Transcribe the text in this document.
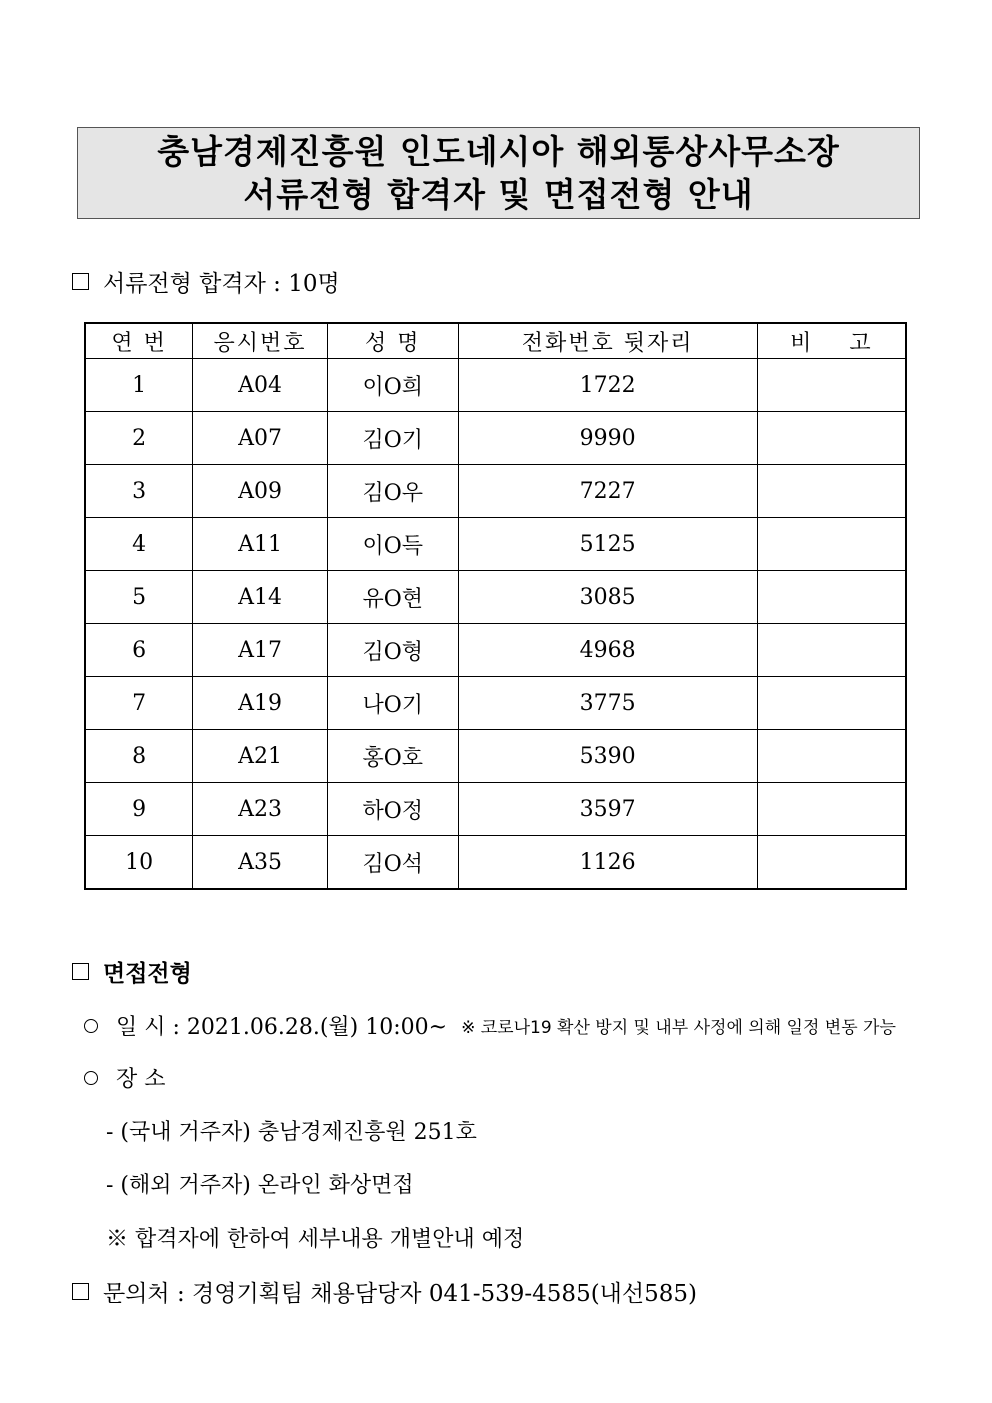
충남경제진흥원 인도네시아 해외통상사무소장
서류전형 합격자 및 면접전형 안내
서류전형 합격자 : 10명
연 번	응시번호	성 명	전화번호 뒷자리	비    고
1	A04	이O희	1722	
2	A07	김O기	9990	
3	A09	김O우	7227	
4	A11	이O득	5125	
5	A14	유O현	3085	
6	A17	김O형	4968	
7	A19	나O기	3775	
8	A21	홍O호	5390	
9	A23	하O정	3597	
10	A35	김O석	1126	
면접전형
일 시 : 2021.06.28.(월) 10:00~ ※ 코로나19 확산 방지 및 내부 사정에 의해 일정 변동 가능
장 소
- (국내 거주자) 충남경제진흥원 251호
- (해외 거주자) 온라인 화상면접
※ 합격자에 한하여 세부내용 개별안내 예정
문의처 : 경영기획팀 채용담당자 041-539-4585(내선585)
